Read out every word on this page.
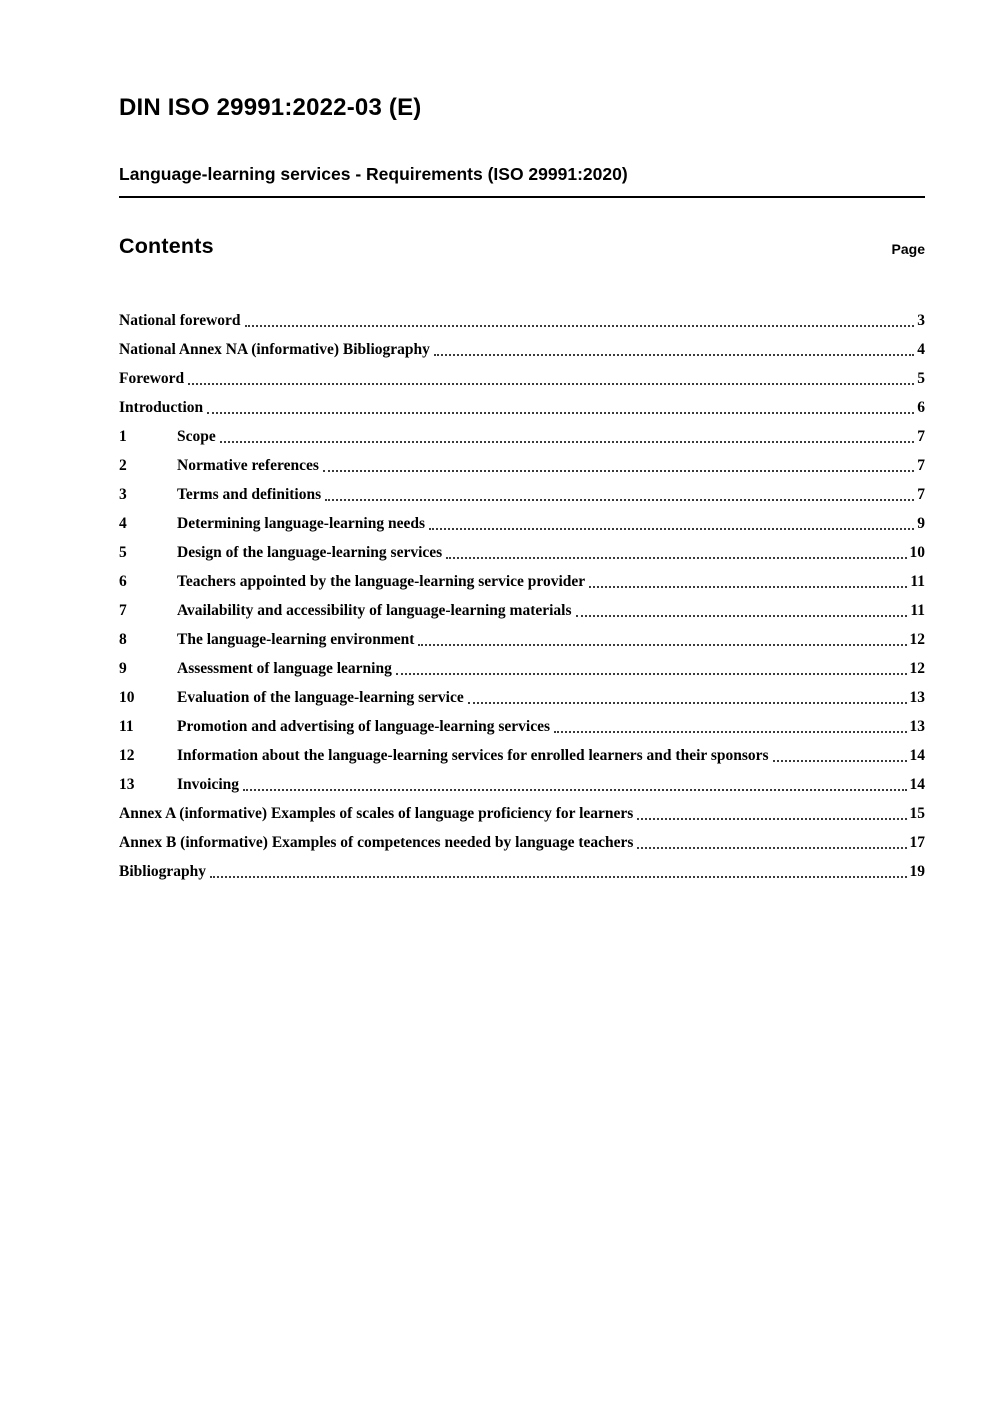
DIN ISO 29991:2022-03 (E)
Language-learning services - Requirements (ISO 29991:2020)
Contents	Page
National foreword	3
National Annex NA (informative) Bibliography	4
Foreword	5
Introduction	6
1	Scope	7
2	Normative references	7
3	Terms and definitions	7
4	Determining language-learning needs	9
5	Design of the language-learning services	10
6	Teachers appointed by the language-learning service provider	11
7	Availability and accessibility of language-learning materials	11
8	The language-learning environment	12
9	Assessment of language learning	12
10	Evaluation of the language-learning service	13
11	Promotion and advertising of language-learning services	13
12	Information about the language-learning services for enrolled learners and their sponsors	14
13	Invoicing	14
Annex A (informative) Examples of scales of language proficiency for learners	15
Annex B (informative) Examples of competences needed by language teachers	17
Bibliography	19
